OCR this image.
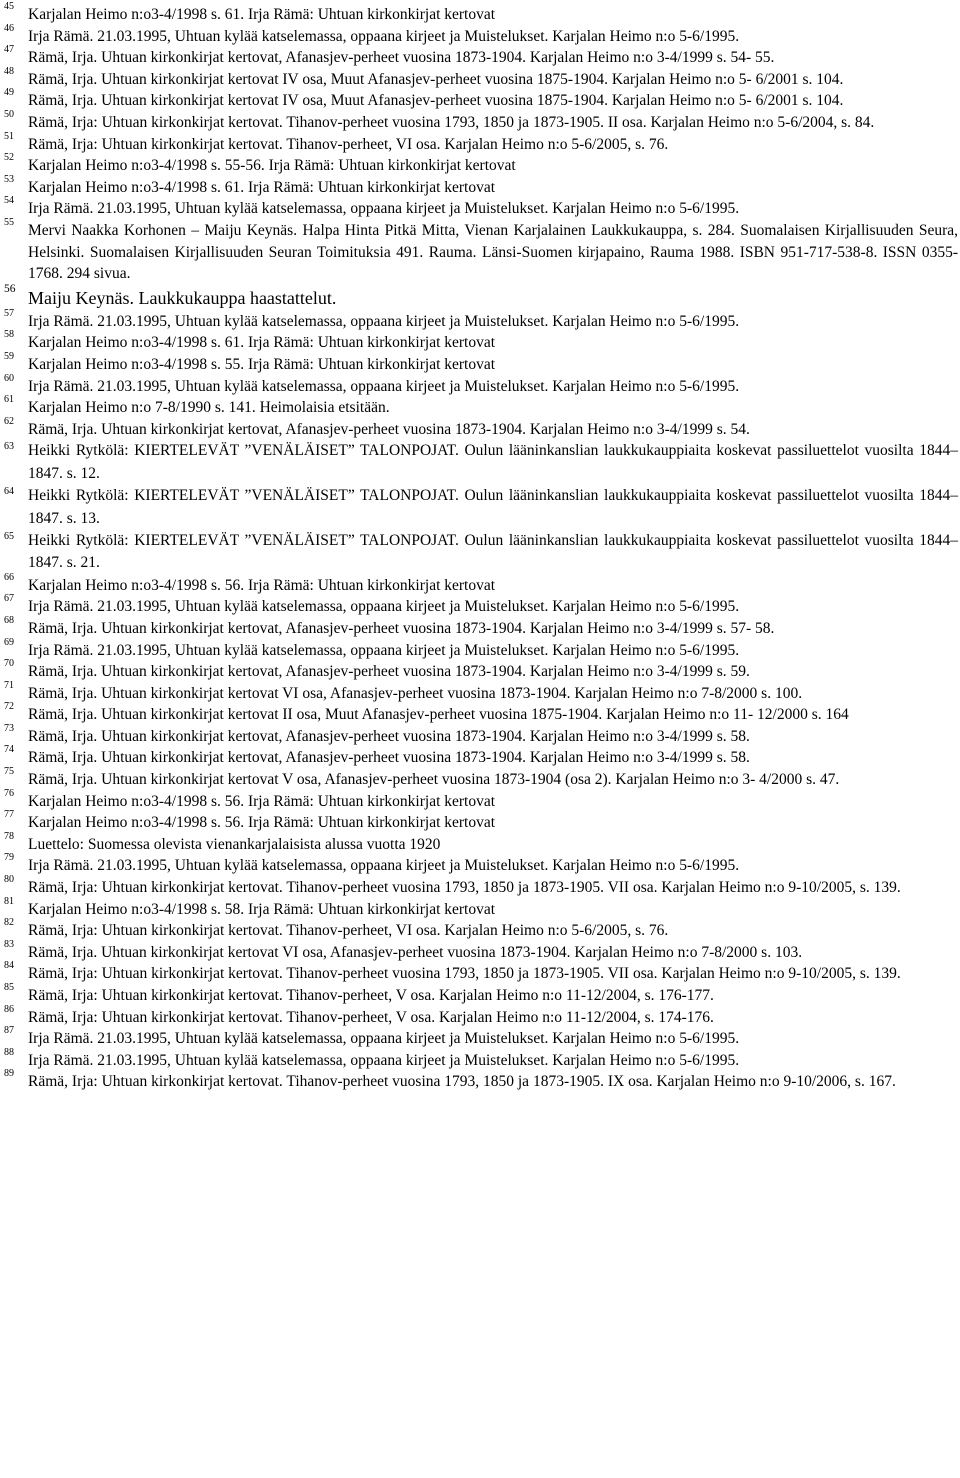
45 Karjalan Heimo n:o3-4/1998 s. 61. Irja Rämä: Uhtuan kirkonkirjat kertovat
46 Irja Rämä. 21.03.1995, Uhtuan kylää katselemassa, oppaana kirjeet ja Muistelukset. Karjalan Heimo n:o 5-6/1995.
47 Rämä, Irja. Uhtuan kirkonkirjat kertovat, Afanasjev-perheet vuosina 1873-1904. Karjalan Heimo n:o 3-4/1999 s. 54- 55.
48 Rämä, Irja. Uhtuan kirkonkirjat kertovat IV osa, Muut Afanasjev-perheet vuosina 1875-1904. Karjalan Heimo n:o 5- 6/2001 s. 104.
49 Rämä, Irja. Uhtuan kirkonkirjat kertovat IV osa, Muut Afanasjev-perheet vuosina 1875-1904. Karjalan Heimo n:o 5- 6/2001 s. 104.
50 Rämä, Irja: Uhtuan kirkonkirjat kertovat. Tihanov-perheet vuosina 1793, 1850 ja 1873-1905. II osa. Karjalan Heimo n:o 5-6/2004, s. 84.
51 Rämä, Irja: Uhtuan kirkonkirjat kertovat. Tihanov-perheet, VI osa. Karjalan Heimo n:o 5-6/2005, s. 76.
52 Karjalan Heimo n:o3-4/1998 s. 55-56. Irja Rämä: Uhtuan kirkonkirjat kertovat
53 Karjalan Heimo n:o3-4/1998 s. 61. Irja Rämä: Uhtuan kirkonkirjat kertovat
54 Irja Rämä. 21.03.1995, Uhtuan kylää katselemassa, oppaana kirjeet ja Muistelukset. Karjalan Heimo n:o 5-6/1995.
55 Mervi Naakka Korhonen – Maiju Keynäs. Halpa Hinta Pitkä Mitta, Vienan Karjalainen Laukkukauppa, s. 284. Suomalaisen Kirjallisuuden Seura, Helsinki. Suomalaisen Kirjallisuuden Seuran Toimituksia 491. Rauma. Länsi-Suomen kirjapaino, Rauma 1988. ISBN 951-717-538-8. ISSN 0355-1768. 294 sivua.
56 Maiju Keynäs. Laukkukauppa haastattelut.
57 Irja Rämä. 21.03.1995, Uhtuan kylää katselemassa, oppaana kirjeet ja Muistelukset. Karjalan Heimo n:o 5-6/1995.
58 Karjalan Heimo n:o3-4/1998 s. 61. Irja Rämä: Uhtuan kirkonkirjat kertovat
59 Karjalan Heimo n:o3-4/1998 s. 55. Irja Rämä: Uhtuan kirkonkirjat kertovat
60 Irja Rämä. 21.03.1995, Uhtuan kylää katselemassa, oppaana kirjeet ja Muistelukset. Karjalan Heimo n:o 5-6/1995.
61 Karjalan Heimo n:o 7-8/1990 s. 141. Heimolaisia etsitään.
62 Rämä, Irja. Uhtuan kirkonkirjat kertovat, Afanasjev-perheet vuosina 1873-1904. Karjalan Heimo n:o 3-4/1999 s. 54.
63 Heikki Rytkölä: KIERTELEVÄT ”VENÄLÄISET” TALONPOJAT. Oulun lääninkanslian laukkukauppiaita koskevat passiluettelot vuosilta 1844–1847. s. 12.
64 Heikki Rytkölä: KIERTELEVÄT ”VENÄLÄISET” TALONPOJAT. Oulun lääninkanslian laukkukauppiaita koskevat passiluettelot vuosilta 1844–1847. s. 13.
65 Heikki Rytkölä: KIERTELEVÄT ”VENÄLÄISET” TALONPOJAT. Oulun lääninkanslian laukkukauppiaita koskevat passiluettelot vuosilta 1844–1847. s. 21.
66 Karjalan Heimo n:o3-4/1998 s. 56. Irja Rämä: Uhtuan kirkonkirjat kertovat
67 Irja Rämä. 21.03.1995, Uhtuan kylää katselemassa, oppaana kirjeet ja Muistelukset. Karjalan Heimo n:o 5-6/1995.
68 Rämä, Irja. Uhtuan kirkonkirjat kertovat, Afanasjev-perheet vuosina 1873-1904. Karjalan Heimo n:o 3-4/1999 s. 57- 58.
69 Irja Rämä. 21.03.1995, Uhtuan kylää katselemassa, oppaana kirjeet ja Muistelukset. Karjalan Heimo n:o 5-6/1995.
70 Rämä, Irja. Uhtuan kirkonkirjat kertovat, Afanasjev-perheet vuosina 1873-1904. Karjalan Heimo n:o 3-4/1999 s. 59.
71 Rämä, Irja. Uhtuan kirkonkirjat kertovat VI osa, Afanasjev-perheet vuosina 1873-1904. Karjalan Heimo n:o 7-8/2000 s. 100.
72 Rämä, Irja. Uhtuan kirkonkirjat kertovat II osa, Muut Afanasjev-perheet vuosina 1875-1904. Karjalan Heimo n:o 11- 12/2000 s. 164
73 Rämä, Irja. Uhtuan kirkonkirjat kertovat, Afanasjev-perheet vuosina 1873-1904. Karjalan Heimo n:o 3-4/1999 s. 58.
74 Rämä, Irja. Uhtuan kirkonkirjat kertovat, Afanasjev-perheet vuosina 1873-1904. Karjalan Heimo n:o 3-4/1999 s. 58.
75 Rämä, Irja. Uhtuan kirkonkirjat kertovat V osa, Afanasjev-perheet vuosina 1873-1904 (osa 2). Karjalan Heimo n:o 3- 4/2000 s. 47.
76 Karjalan Heimo n:o3-4/1998 s. 56. Irja Rämä: Uhtuan kirkonkirjat kertovat
77 Karjalan Heimo n:o3-4/1998 s. 56. Irja Rämä: Uhtuan kirkonkirjat kertovat
78 Luettelo: Suomessa olevista vienankarjalaisista alussa vuotta 1920
79 Irja Rämä. 21.03.1995, Uhtuan kylää katselemassa, oppaana kirjeet ja Muistelukset. Karjalan Heimo n:o 5-6/1995.
80 Rämä, Irja: Uhtuan kirkonkirjat kertovat. Tihanov-perheet vuosina 1793, 1850 ja 1873-1905. VII osa. Karjalan Heimo n:o 9-10/2005, s. 139.
81 Karjalan Heimo n:o3-4/1998 s. 58. Irja Rämä: Uhtuan kirkonkirjat kertovat
82 Rämä, Irja: Uhtuan kirkonkirjat kertovat. Tihanov-perheet, VI osa. Karjalan Heimo n:o 5-6/2005, s. 76.
83 Rämä, Irja. Uhtuan kirkonkirjat kertovat VI osa, Afanasjev-perheet vuosina 1873-1904. Karjalan Heimo n:o 7-8/2000 s. 103.
84 Rämä, Irja: Uhtuan kirkonkirjat kertovat. Tihanov-perheet vuosina 1793, 1850 ja 1873-1905. VII osa. Karjalan Heimo n:o 9-10/2005, s. 139.
85 Rämä, Irja: Uhtuan kirkonkirjat kertovat. Tihanov-perheet, V osa. Karjalan Heimo n:o 11-12/2004, s. 176-177.
86 Rämä, Irja: Uhtuan kirkonkirjat kertovat. Tihanov-perheet, V osa. Karjalan Heimo n:o 11-12/2004, s. 174-176.
87 Irja Rämä. 21.03.1995, Uhtuan kylää katselemassa, oppaana kirjeet ja Muistelukset. Karjalan Heimo n:o 5-6/1995.
88 Irja Rämä. 21.03.1995, Uhtuan kylää katselemassa, oppaana kirjeet ja Muistelukset. Karjalan Heimo n:o 5-6/1995.
89 Rämä, Irja: Uhtuan kirkonkirjat kertovat. Tihanov-perheet vuosina 1793, 1850 ja 1873-1905. IX osa. Karjalan Heimo n:o 9-10/2006, s. 167.
